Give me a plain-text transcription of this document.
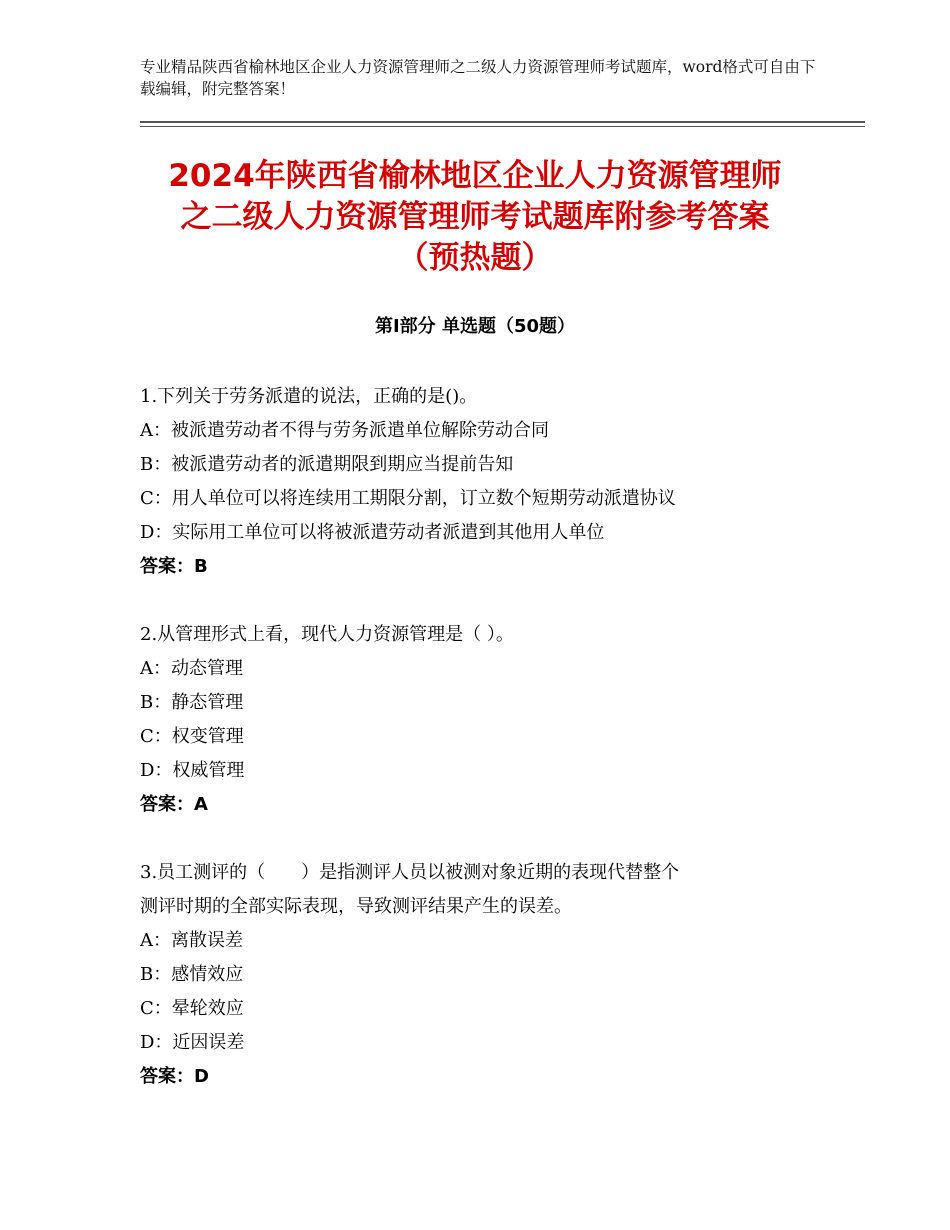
专业精品陕西省榆林地区企业人力资源管理师之二级人力资源管理师考试题库，word格式可自由下载编辑，附完整答案！
2024年陕西省榆林地区企业人力资源管理师
之二级人力资源管理师考试题库附参考答案
（预热题）
第Ⅰ部分 单选题（50题）
1.下列关于劳务派遣的说法，正确的是()。
A：被派遣劳动者不得与劳务派遣单位解除劳动合同
B：被派遣劳动者的派遣期限到期应当提前告知
C：用人单位可以将连续用工期限分割，订立数个短期劳动派遣协议
D：实际用工单位可以将被派遣劳动者派遣到其他用人单位
答案：B
2.从管理形式上看，现代人力资源管理是（ ）。
A：动态管理
B：静态管理
C：权变管理
D：权威管理
答案：A
3.员工测评的（　　）是指测评人员以被测对象近期的表现代替整个
测评时期的全部实际表现，导致测评结果产生的误差。
A：离散误差
B：感情效应
C：晕轮效应
D：近因误差
答案：D
